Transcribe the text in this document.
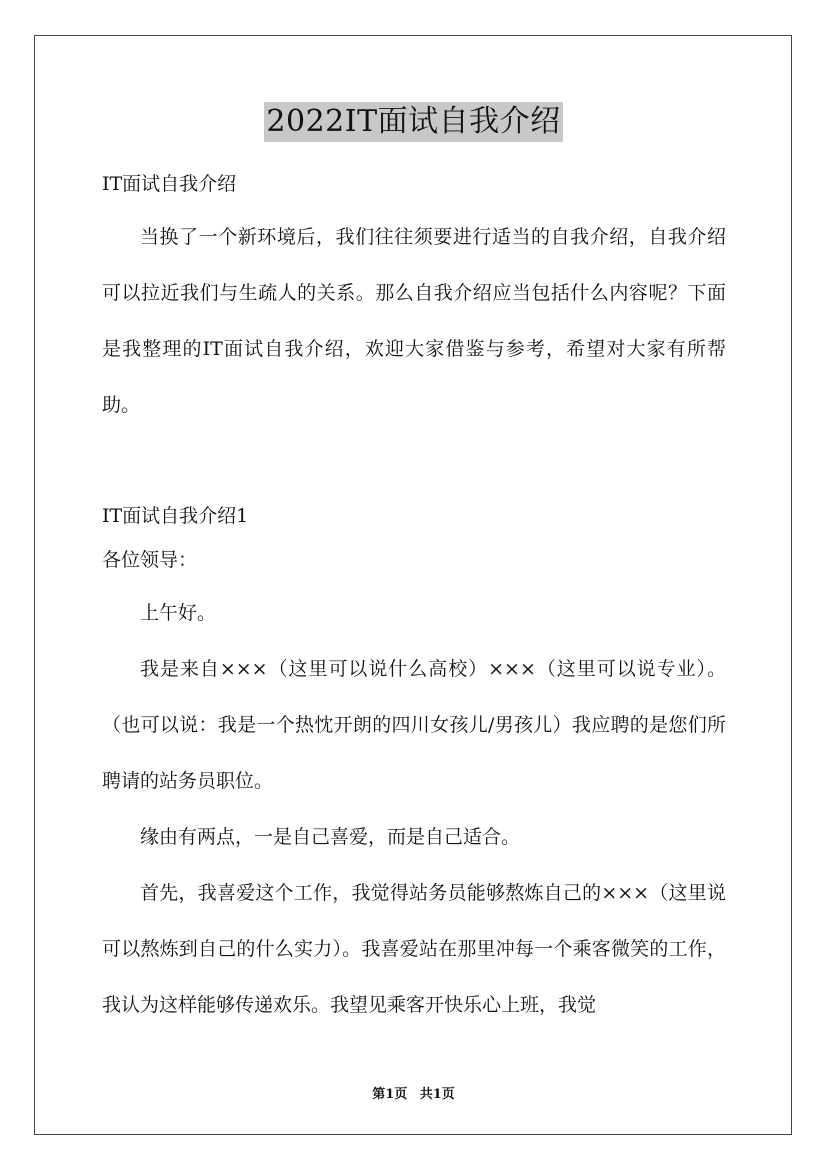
2022IT面试自我介绍
IT面试自我介绍

当换了一个新环境后，我们往往须要进行适当的自我介绍，自我介绍可以拉近我们与生疏人的关系。那么自我介绍应当包括什么内容呢？下面是我整理的IT面试自我介绍，欢迎大家借鉴与参考，希望对大家有所帮助。

IT面试自我介绍1
各位领导：

上午好。

我是来自×××（这里可以说什么高校）×××（这里可以说专业）。（也可以说：我是一个热忱开朗的四川女孩儿/男孩儿）我应聘的是您们所聘请的站务员职位。

缘由有两点，一是自己喜爱，而是自己适合。

首先，我喜爱这个工作，我觉得站务员能够熬炼自己的×××（这里说可以熬炼到自己的什么实力）。我喜爱站在那里冲每一个乘客微笑的工作，我认为这样能够传递欢乐。我望见乘客开快乐心上班，我觉

第1页 共1页
